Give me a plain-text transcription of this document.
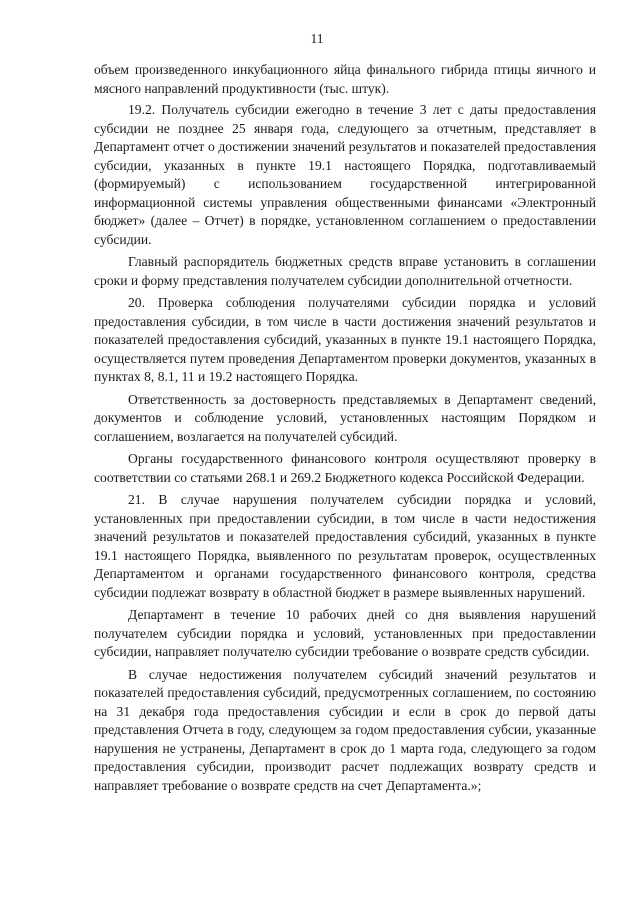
11

объем произведенного инкубационного яйца финального гибрида птицы яичного и мясного направлений продуктивности (тыс. штук).

19.2. Получатель субсидии ежегодно в течение 3 лет с даты предоставления субсидии не позднее 25 января года, следующего за отчетным, представляет в Департамент отчет о достижении значений результатов и показателей предоставления субсидии, указанных в пункте 19.1 настоящего Порядка, подготавливаемый (формируемый) с использованием государственной интегрированной информационной системы управления общественными финансами «Электронный бюджет» (далее – Отчет) в порядке, установленном соглашением о предоставлении субсидии.

Главный распорядитель бюджетных средств вправе установить в соглашении сроки и форму представления получателем субсидии дополнительной отчетности.

20. Проверка соблюдения получателями субсидии порядка и условий предоставления субсидии, в том числе в части достижения значений результатов и показателей предоставления субсидий, указанных в пункте 19.1 настоящего Порядка, осуществляется путем проведения Департаментом проверки документов, указанных в пунктах 8, 8.1, 11 и 19.2 настоящего Порядка.

Ответственность за достоверность представляемых в Департамент сведений, документов и соблюдение условий, установленных настоящим Порядком и соглашением, возлагается на получателей субсидий.

Органы государственного финансового контроля осуществляют проверку в соответствии со статьями 268.1 и 269.2 Бюджетного кодекса Российской Федерации.

21. В случае нарушения получателем субсидии порядка и условий, установленных при предоставлении субсидии, в том числе в части недостижения значений результатов и показателей предоставления субсидий, указанных в пункте 19.1 настоящего Порядка, выявленного по результатам проверок, осуществленных Департаментом и органами государственного финансового контроля, средства субсидии подлежат возврату в областной бюджет в размере выявленных нарушений.

Департамент в течение 10 рабочих дней со дня выявления нарушений получателем субсидии порядка и условий, установленных при предоставлении субсидии, направляет получателю субсидии требование о возврате средств субсидии.

В случае недостижения получателем субсидий значений результатов и показателей предоставления субсидий, предусмотренных соглашением, по состоянию на 31 декабря года предоставления субсидии и если в срок до первой даты представления Отчета в году, следующем за годом предоставления субсии, указанные нарушения не устранены, Департамент в срок до 1 марта года, следующего за годом предоставления субсидии, производит расчет подлежащих возврату средств и направляет требование о возврате средств на счет Департамента.»;
